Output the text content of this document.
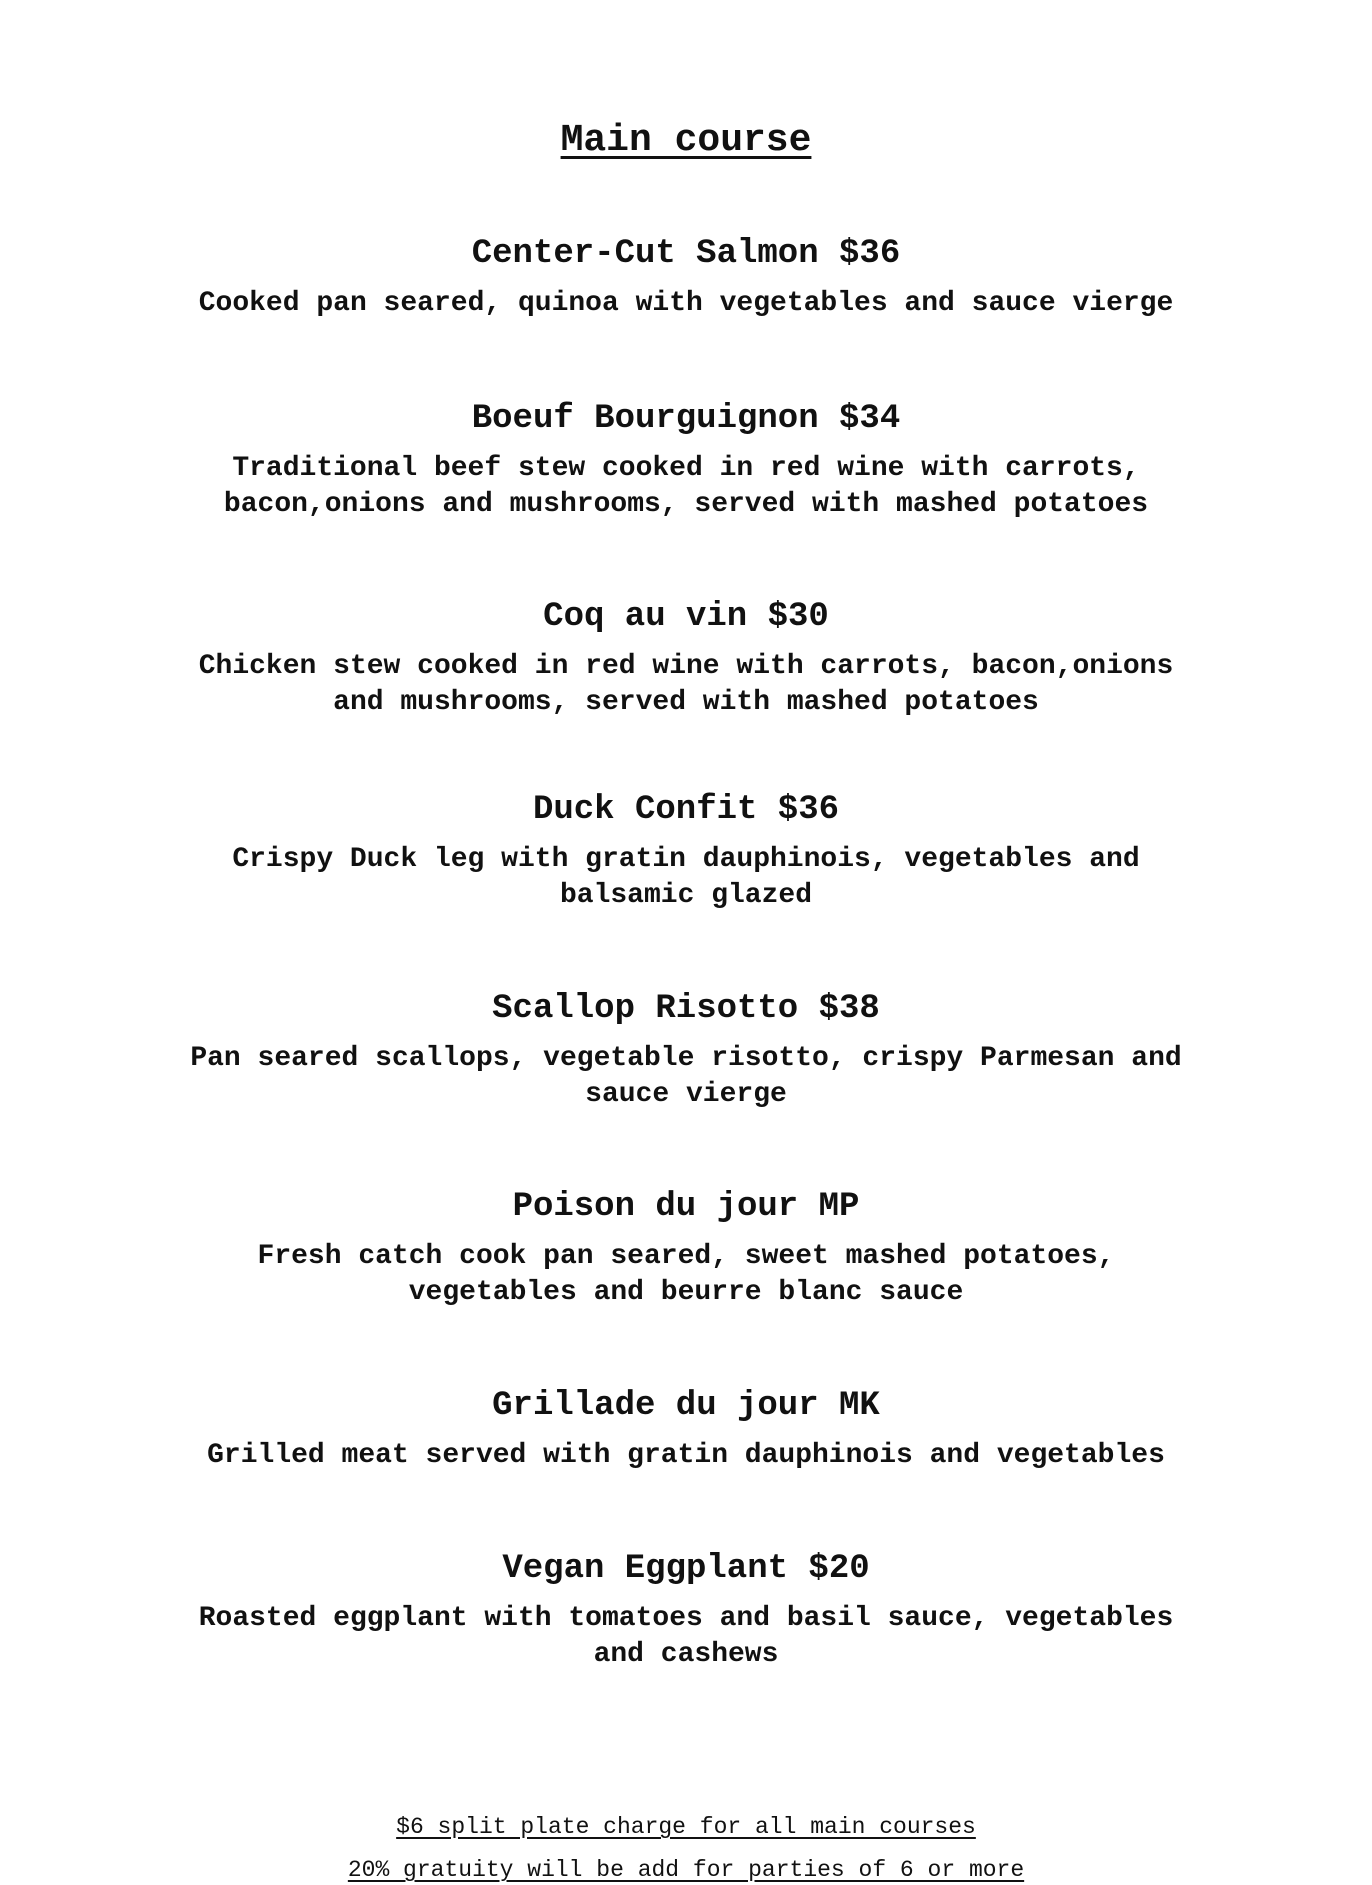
Main course

Center-Cut Salmon $36

Cooked pan seared, quinoa with vegetables and sauce vierge

Boeuf Bourguignon $34

Traditional beef stew cooked in red wine with carrots,
bacon,onions and mushrooms, served with mashed potatoes

Coq au vin $30

Chicken stew cooked in red wine with carrots, bacon,onions
and mushrooms, served with mashed potatoes

Duck Confit $36

Crispy Duck leg with gratin dauphinois, vegetables and
balsamic glazed

Scallop Risotto $38

Pan seared scallops, vegetable risotto, crispy Parmesan and
sauce vierge

Poison du jour MP

Fresh catch cook pan seared, sweet mashed potatoes,
vegetables and beurre blanc sauce

Grillade du jour MK

Grilled meat served with gratin dauphinois and vegetables

Vegan Eggplant $20

Roasted eggplant with tomatoes and basil sauce, vegetables
and cashews

$6 split plate charge for all main courses

20% gratuity will be add for parties of 6 or more
